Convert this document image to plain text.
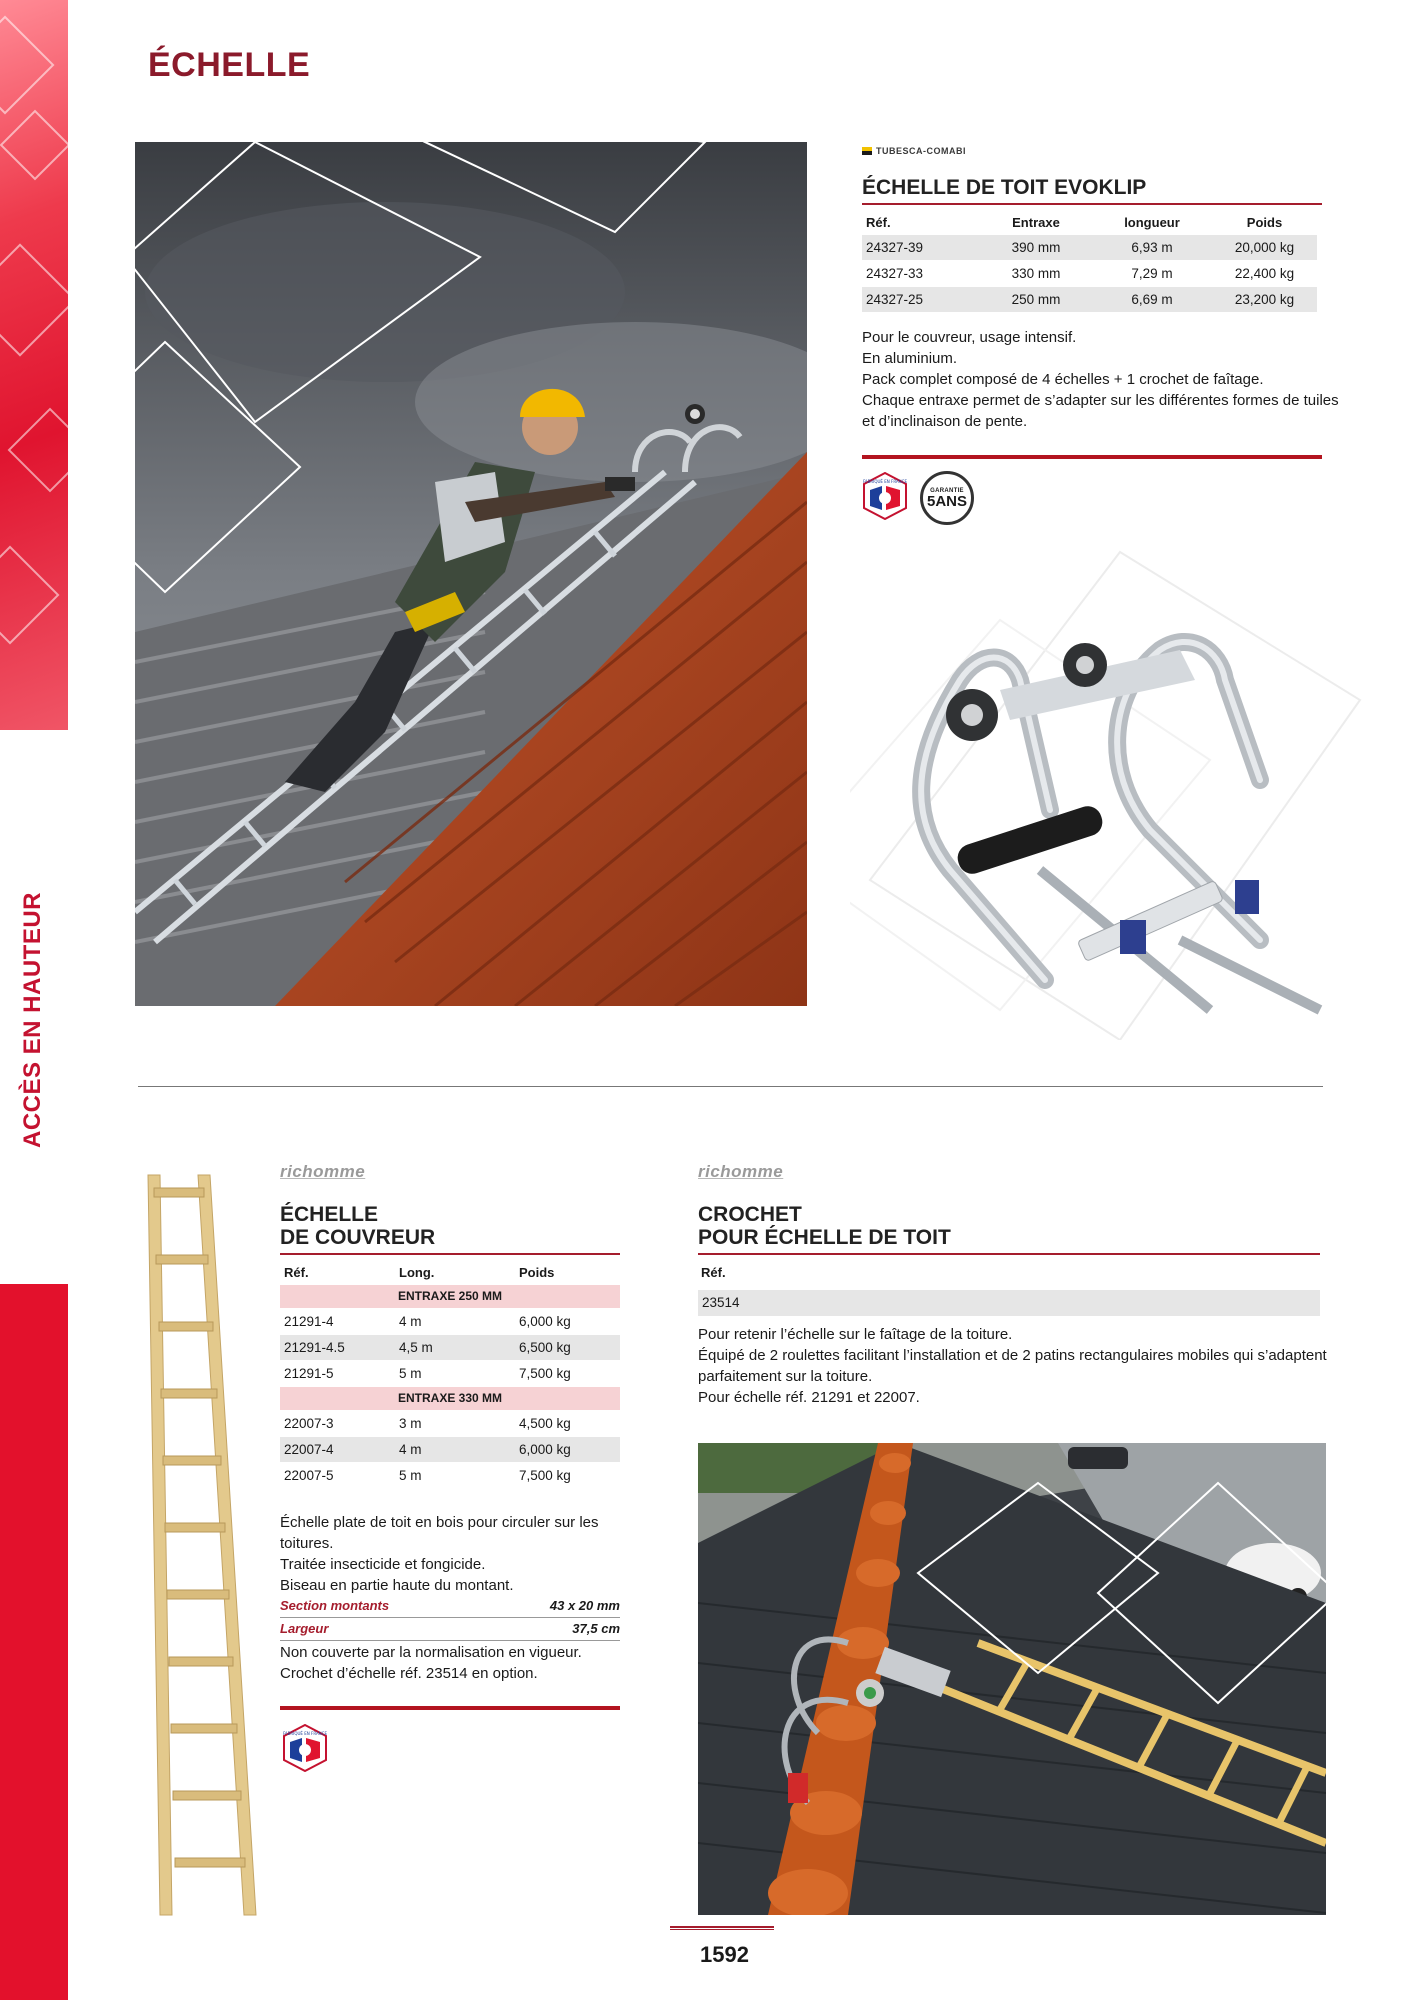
ACCÈS EN HAUTEUR
ÉCHELLE
TUBESCA-COMABI
ÉCHELLE DE TOIT EVOKLIP
Réf.	Entraxe	longueur	Poids
24327-39	390 mm	6,93 m	20,000 kg
24327-33	330 mm	7,29 m	22,400 kg
24327-25	250 mm	6,69 m	23,200 kg
Pour le couvreur, usage intensif.
En aluminium.
Pack complet composé de 4 échelles + 1 crochet de faîtage.
Chaque entraxe permet de s’adapter sur les différentes formes de tuiles
et d’inclinaison de pente.
FABRIQUÉ EN FRANCE
GARANTIE
5ANS
richomme
ÉCHELLE
DE COUVREUR
Réf.	Long.	Poids
ENTRAXE 250 MM		
21291-4	4 m	6,000 kg
21291-4.5	4,5 m	6,500 kg
21291-5	5 m	7,500 kg
ENTRAXE 330 MM		
22007-3	3 m	4,500 kg
22007-4	4 m	6,000 kg
22007-5	5 m	7,500 kg
Échelle plate de toit en bois pour circuler sur les
toitures.
Traitée insecticide et fongicide.
Biseau en partie haute du montant.
Section montants	43 x 20 mm
Largeur	37,5 cm
Non couverte par la normalisation en vigueur.
Crochet d’échelle réf. 23514 en option.
FABRIQUÉ EN FRANCE
richomme
CROCHET
POUR ÉCHELLE DE TOIT
Réf.
23514
Pour retenir l’échelle sur le faîtage de la toiture.
Équipé de 2 roulettes facilitant l’installation et de 2 patins rectangulaires mobiles qui s’adaptent
parfaitement sur la toiture.
Pour échelle réf. 21291 et 22007.
1592
